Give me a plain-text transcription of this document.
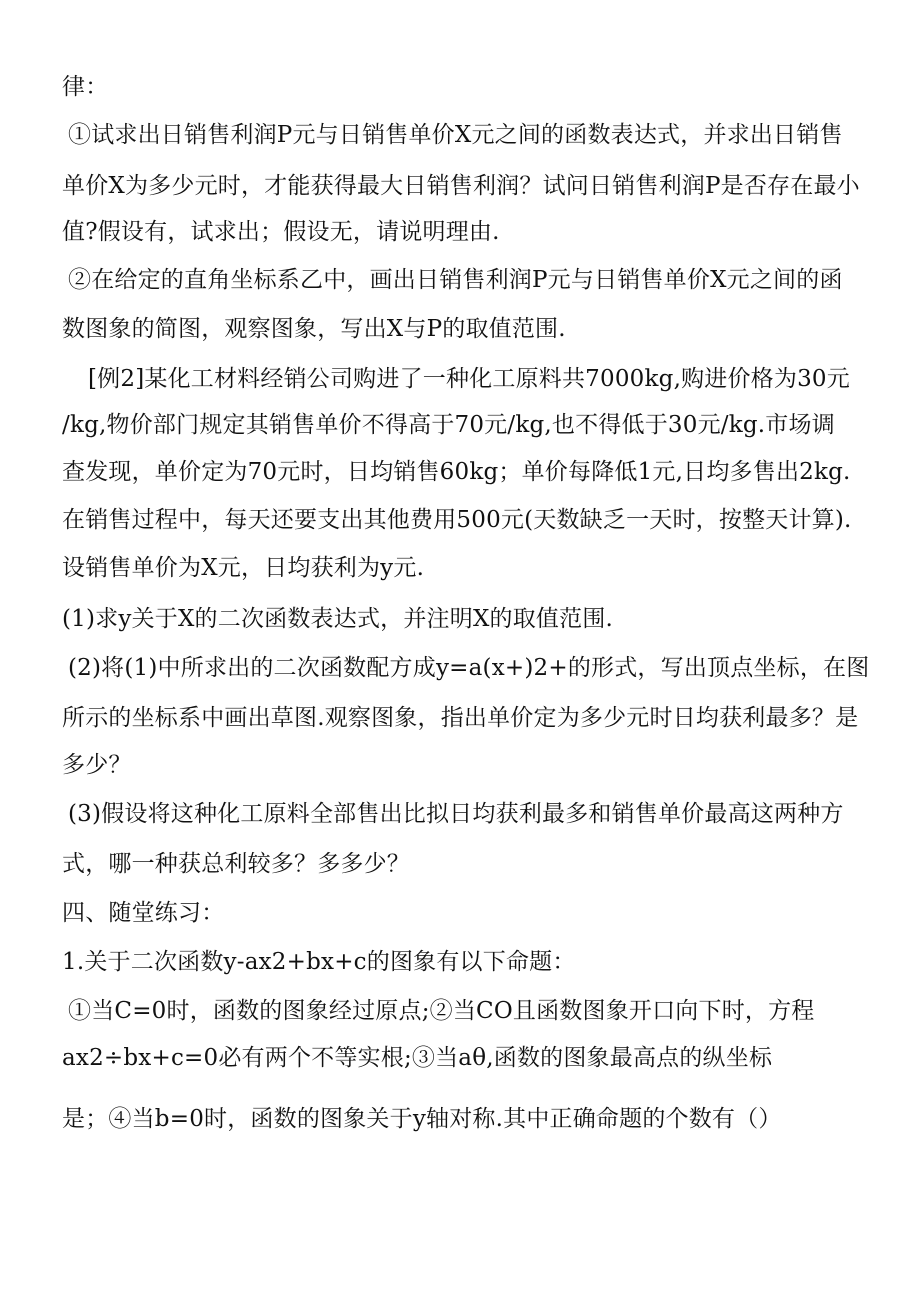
律：
①试求出日销售利润P元与日销售单价X元之间的函数表达式，并求出日销售
单价X为多少元时，才能获得最大日销售利润？试问日销售利润P是否存在最小
值?假设有，试求出；假设无，请说明理由.
②在给定的直角坐标系乙中，画出日销售利润P元与日销售单价X元之间的函
数图象的简图，观察图象，写出X与P的取值范围.
[例2]某化工材料经销公司购进了一种化工原料共7000kg,购进价格为30元
/kg,物价部门规定其销售单价不得高于70元/kg,也不得低于30元/kg.市场调
查发现，单价定为70元时，日均销售60kg；单价每降低1元,日均多售出2kg.
在销售过程中，每天还要支出其他费用500元(天数缺乏一天时，按整天计算).
设销售单价为X元，日均获利为y元.
(1)求y关于X的二次函数表达式，并注明X的取值范围.
(2)将(1)中所求出的二次函数配方成y=a(x+)2+的形式，写出顶点坐标，在图
所示的坐标系中画出草图.观察图象，指出单价定为多少元时日均获利最多？是
多少？
(3)假设将这种化工原料全部售出比拟日均获利最多和销售单价最高这两种方
式，哪一种获总利较多？多多少？
四、随堂练习：
1.关于二次函数y-ax2+bx+c的图象有以下命题：
①当C=0时，函数的图象经过原点;②当CO且函数图象开口向下时，方程
ax2÷bx+c=0必有两个不等实根;③当aθ,函数的图象最高点的纵坐标
是；④当b=0时，函数的图象关于y轴对称.其中正确命题的个数有（）
